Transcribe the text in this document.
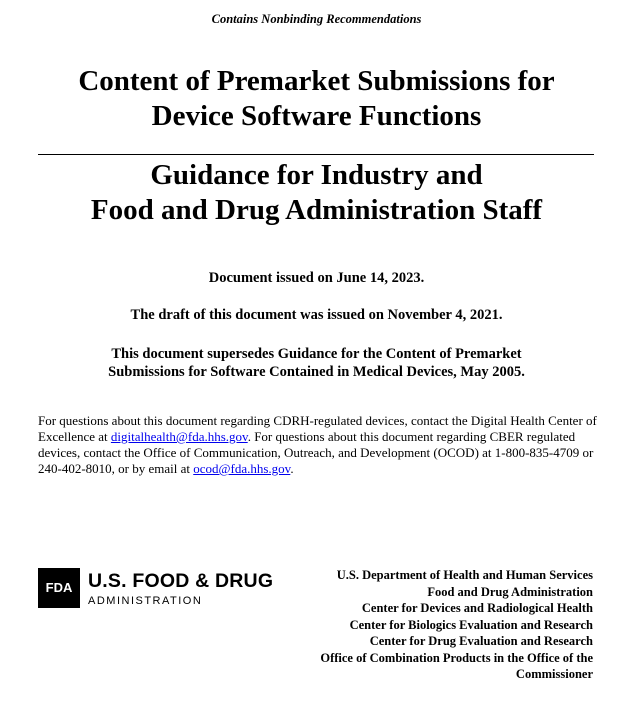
Contains Nonbinding Recommendations
Content of Premarket Submissions for
Device Software Functions
Guidance for Industry and
Food and Drug Administration Staff
Document issued on June 14, 2023.
The draft of this document was issued on November 4, 2021.
This document supersedes Guidance for the Content of Premarket
Submissions for Software Contained in Medical Devices, May 2005.
For questions about this document regarding CDRH-regulated devices, contact the Digital Health Center of Excellence at digitalhealth@fda.hhs.gov. For questions about this document regarding CBER regulated devices, contact the Office of Communication, Outreach, and Development (OCOD) at 1-800-835-4709 or 240-402-8010, or by email at ocod@fda.hhs.gov.
FDA U.S. FOOD & DRUG
ADMINISTRATION
U.S. Department of Health and Human Services
Food and Drug Administration
Center for Devices and Radiological Health
Center for Biologics Evaluation and Research
Center for Drug Evaluation and Research
Office of Combination Products in the Office of the
Commissioner
